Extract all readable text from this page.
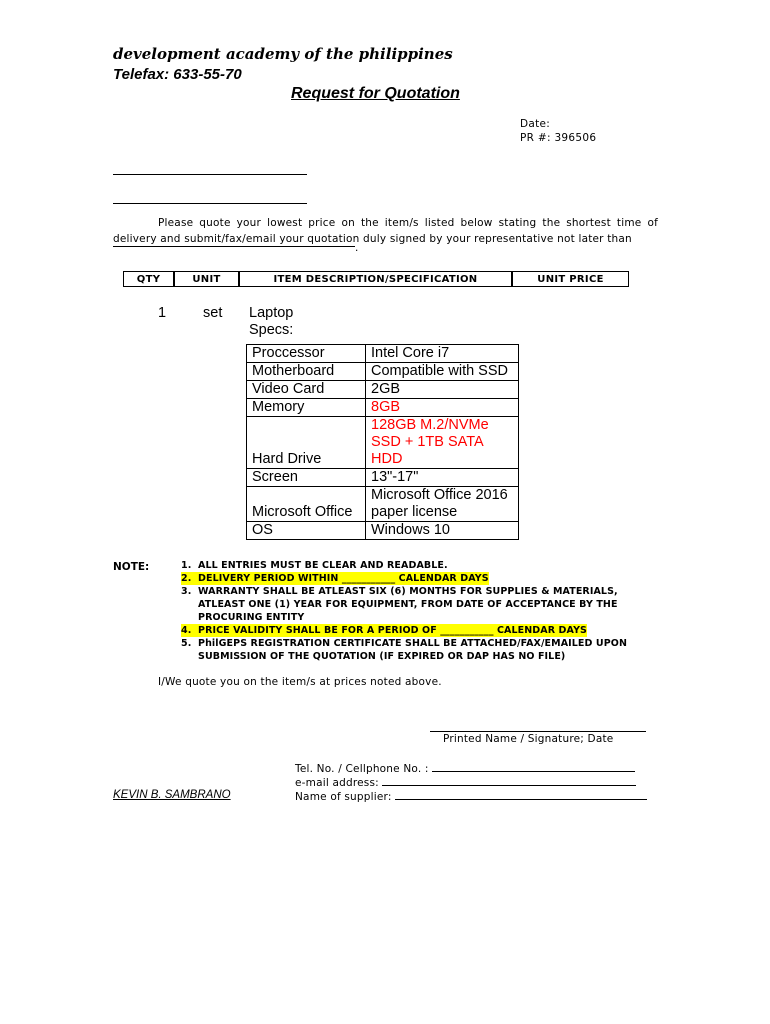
development academy of the philippines
Telefax: 633-55-70
Request for Quotation
Date:
PR #: 396506
Please quote your lowest price on the item/s listed below stating the shortest time of delivery and submit/fax/email your quotation duly signed by your representative not later than
.
QTY	UNIT	ITEM DESCRIPTION/SPECIFICATION	UNIT PRICE
1	set Laptop
Specs:
Proccessor	Intel Core i7
Motherboard	Compatible with SSD
Video Card	2GB
Memory	8GB
Hard Drive	128GB M.2/NVMe SSD + 1TB SATA HDD
Screen	13"-17"
Microsoft Office	Microsoft Office 2016 paper license
OS	Windows 10
NOTE:	1. ALL ENTRIES MUST BE CLEAR AND READABLE.
2. DELIVERY PERIOD WITHIN ___________ CALENDAR DAYS
3. WARRANTY SHALL BE ATLEAST SIX (6) MONTHS FOR SUPPLIES & MATERIALS, ATLEAST ONE (1) YEAR FOR EQUIPMENT, FROM DATE OF ACCEPTANCE BY THE PROCURING ENTITY
4. PRICE VALIDITY SHALL BE FOR A PERIOD OF ___________ CALENDAR DAYS
5. PhilGEPS REGISTRATION CERTIFICATE SHALL BE ATTACHED/FAX/EMAILED UPON SUBMISSION OF THE QUOTATION (IF EXPIRED OR DAP HAS NO FILE)
I/We quote you on the item/s at prices noted above.
Printed Name / Signature; Date
Tel. No. / Cellphone No. :
e-mail address:
Name of supplier:
KEVIN B. SAMBRANO
